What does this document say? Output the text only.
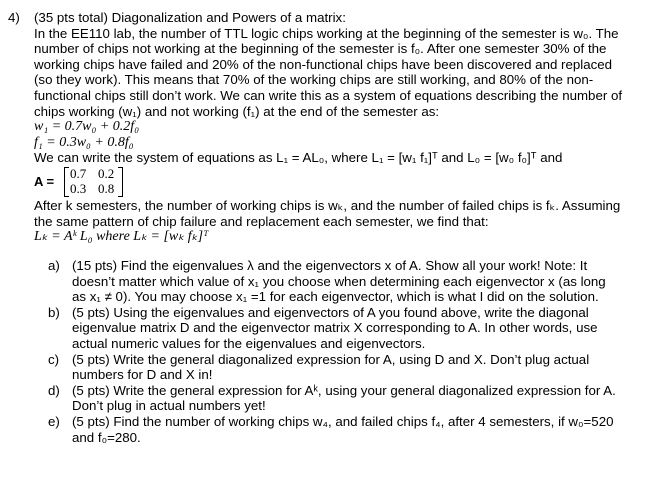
4) (35 pts total) Diagonalization and Powers of a matrix:
In the EE110 lab, the number of TTL logic chips working at the beginning of the semester is w₀. The
number of chips not working at the beginning of the semester is f₀. After one semester 30% of the
working chips have failed and 20% of the non-functional chips have been discovered and replaced
(so they work). This means that 70% of the working chips are still working, and 80% of the non-
functional chips still don’t work. We can write this as a system of equations describing the number of
chips working (w₁) and not working (f₁) at the end of the semester as:
w₁ = 0.7w₀ + 0.2f₀
f₁ = 0.3w₀ + 0.8f₀
We can write the system of equations as L₁ = AL₀, where L₁ = [w₁ f₁]ᵀ and L₀ = [w₀ f₀]ᵀ and
A =
0.7 0.2
0.3 0.8
After k semesters, the number of working chips is wₖ, and the number of failed chips is fₖ. Assuming
the same pattern of chip failure and replacement each semester, we find that:
Lₖ = Aᵏ L₀ where Lₖ = [wₖ fₖ]ᵀ
a) (15 pts) Find the eigenvalues λ and the eigenvectors x of A. Show all your work! Note: It
doesn’t matter which value of x₁ you choose when determining each eigenvector x (as long
as x₁ ≠ 0). You may choose x₁ =1 for each eigenvector, which is what I did on the solution.
b) (5 pts) Using the eigenvalues and eigenvectors of A you found above, write the diagonal
eigenvalue matrix D and the eigenvector matrix X corresponding to A. In other words, use
actual numeric values for the eigenvalues and eigenvectors.
c) (5 pts) Write the general diagonalized expression for A, using D and X. Don’t plug actual
numbers for D and X in!
d) (5 pts) Write the general expression for Aᵏ, using your general diagonalized expression for A.
Don’t plug in actual numbers yet!
e) (5 pts) Find the number of working chips w₄, and failed chips f₄, after 4 semesters, if w₀=520
and f₀=280.
